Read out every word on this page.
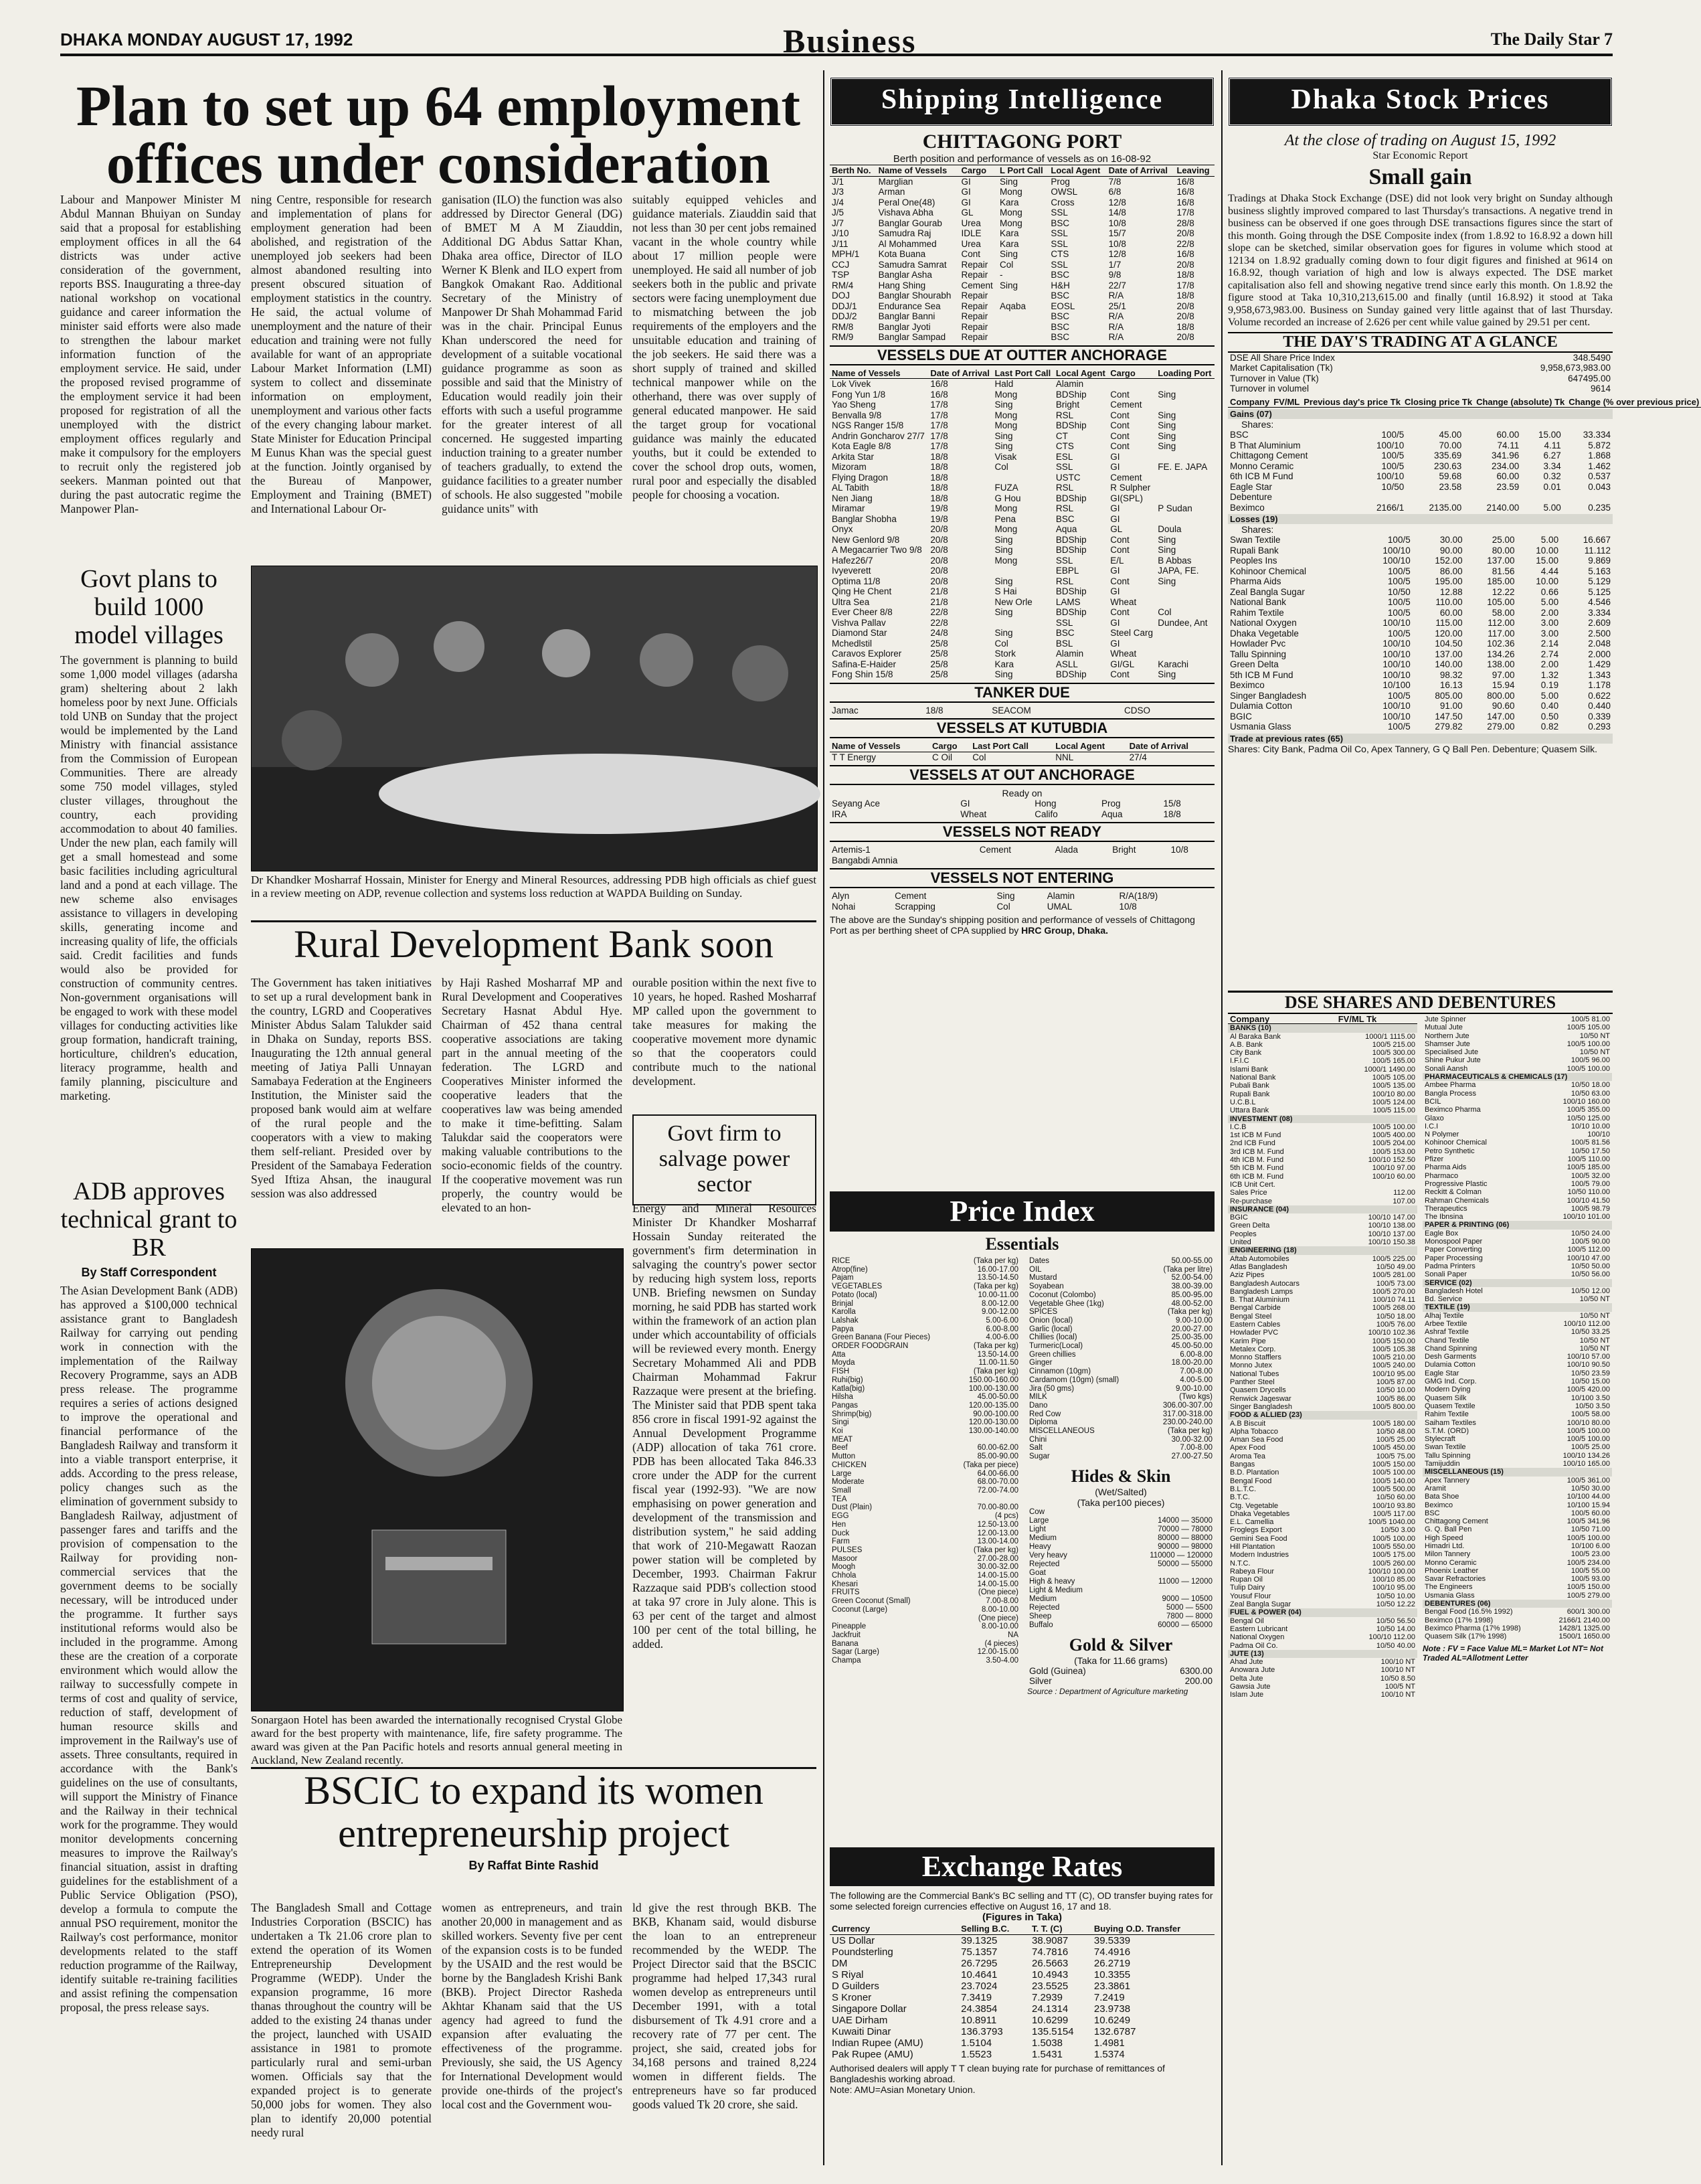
DHAKA MONDAY AUGUST 17, 1992	Business	The Daily Star 7
Plan to set up 64 employment offices under consideration
Labour and Manpower Minister M Abdul Mannan Bhuiyan on Sunday said that a proposal for establishing employment offices in all the 64 districts was under active consideration of the government, reports BSS. Inaugurating a three-day national workshop on vocational guidance and career information the minister said efforts were also made to strengthen the labour market information function of the employment service. He said, under the proposed revised programme of the employment service it had been proposed for registration of all the unemployed with the district employment offices regularly and make it compulsory for the employers to recruit only the registered job seekers. Manman pointed out that during the past autocratic regime the Manpower Plan-
ning Centre, responsible for research and implementation of plans for employment generation had been abolished, and registration of the unemployed job seekers had been almost abandoned resulting into present obscured situation of employment statistics in the country. He said, the actual volume of unemployment and the nature of their education and training were not fully available for want of an appropriate Labour Market Information (LMI) system to collect and disseminate information on employment, unemployment and various other facts of the every changing labour market. State Minister for Education Principal M Eunus Khan was the special guest at the function. Jointly organised by the Bureau of Manpower, Employment and Training (BMET) and International Labour Or-
ganisation (ILO) the function was also addressed by Director General (DG) of BMET M A M Ziauddin, Additional DG Abdus Sattar Khan, Dhaka area office, Director of ILO Werner K Blenk and ILO expert from Bangkok Omakant Rao. Additional Secretary of the Ministry of Manpower Dr Shah Mohammad Farid was in the chair. Principal Eunus Khan underscored the need for development of a suitable vocational guidance programme as soon as possible and said that the Ministry of Education would readily join their efforts with such a useful programme for the greater interest of all concerned. He suggested imparting induction training to a greater number of teachers gradually, to extend the guidance facilities to a greater number of schools. He also suggested "mobile guidance units" with
suitably equipped vehicles and guidance materials. Ziauddin said that not less than 30 per cent jobs remained vacant in the whole country while about 17 million people were unemployed. He said all number of job seekers both in the public and private sectors were facing unemployment due to mismatching between the job requirements of the employers and the unsuitable education and training of the job seekers. He said there was a short supply of trained and skilled technical manpower while on the otherhand, there was over supply of general educated manpower. He said the target group for vocational guidance was mainly the educated youths, but it could be extended to cover the school drop outs, women, rural poor and especially the disabled people for choosing a vocation.
Govt plans to build 1000 model villages
The government is planning to build some 1,000 model villages (adarsha gram) sheltering about 2 lakh homeless poor by next June. Officials told UNB on Sunday that the project would be implemented by the Land Ministry with financial assistance from the Commission of European Communities. There are already some 750 model villages, styled cluster villages, throughout the country, each providing accommodation to about 40 families. Under the new plan, each family will get a small homestead and some basic facilities including agricultural land and a pond at each village. The new scheme also envisages assistance to villagers in developing skills, generating income and increasing quality of life, the officials said. Credit facilities and funds would also be provided for construction of community centres. Non-government organisations will be engaged to work with these model villages for conducting activities like group formation, handicraft training, horticulture, children's education, literacy programme, health and family planning, pisciculture and marketing.
ADB approves technical grant to BR
By Staff Correspondent
The Asian Development Bank (ADB) has approved a $100,000 technical assistance grant to Bangladesh Railway for carrying out pending work in connection with the implementation of the Railway Recovery Programme, says an ADB press release. The programme requires a series of actions designed to improve the operational and financial performance of the Bangladesh Railway and transform it into a viable transport enterprise, it adds. According to the press release, policy changes such as the elimination of government subsidy to Bangladesh Railway, adjustment of passenger fares and tariffs and the provision of compensation to the Railway for providing non-commercial services that the government deems to be socially necessary, will be introduced under the programme. It further says institutional reforms would also be included in the programme. Among these are the creation of a corporate environment which would allow the railway to successfully compete in terms of cost and quality of service, reduction of staff, development of human resource skills and improvement in the Railway's use of assets. Three consultants, required in accordance with the Bank's guidelines on the use of consultants, will support the Ministry of Finance and the Railway in their technical work for the programme. They would monitor developments concerning measures to improve the Railway's financial situation, assist in drafting guidelines for the establishment of a Public Service Obligation (PSO), develop a formula to compute the annual PSO requirement, monitor the Railway's cost performance, monitor developments related to the staff reduction programme of the Railway, identify suitable re-training facilities and assist refining the compensation proposal, the press release says.
Dr Khandker Mosharraf Hossain, Minister for Energy and Mineral Resources, addressing PDB high officials as chief guest in a review meeting on ADP, revenue collection and systems loss reduction at WAPDA Building on Sunday.
Rural Development Bank soon
The Government has taken initiatives to set up a rural development bank in the country, LGRD and Cooperatives Minister Abdus Salam Talukder said in Dhaka on Sunday, reports BSS. Inaugurating the 12th annual general meeting of Jatiya Palli Unnayan Samabaya Federation at the Engineers Institution, the Minister said the proposed bank would aim at welfare of the rural people and the cooperators with a view to making them self-reliant. Presided over by President of the Samabaya Federation Syed Iftiza Ahsan, the inaugural session was also addressed
by Haji Rashed Mosharraf MP and Rural Development and Cooperatives Secretary Hasnat Abdul Hye. Chairman of 452 thana central cooperative associations are taking part in the annual meeting of the federation. The LGRD and Cooperatives Minister informed the cooperative leaders that the cooperatives law was being amended to make it time-befitting. Salam Talukdar said the cooperators were making valuable contributions to the socio-economic fields of the country. If the cooperative movement was run properly, the country would be elevated to an hon-
ourable position within the next five to 10 years, he hoped. Rashed Mosharraf MP called upon the government to take measures for making the cooperative movement more dynamic so that the cooperators could contribute much to the national development.
Govt firm to salvage power sector
Energy and Mineral Resources Minister Dr Khandker Mosharraf Hossain Sunday reiterated the government's firm determination in salvaging the country's power sector by reducing high system loss, reports UNB. Briefing newsmen on Sunday morning, he said PDB has started work within the framework of an action plan under which accountability of officials will be reviewed every month. Energy Secretary Mohammed Ali and PDB Chairman Mohammad Fakrur Razzaque were present at the briefing. The Minister said that PDB spent taka 856 crore in fiscal 1991-92 against the Annual Development Programme (ADP) allocation of taka 761 crore. PDB has been allocated Taka 846.33 crore under the ADP for the current fiscal year (1992-93). "We are now emphasising on power generation and development of the transmission and distribution system," he said adding that work of 210-Megawatt Raozan power station will be completed by December, 1993. Chairman Fakrur Razzaque said PDB's collection stood at taka 97 crore in July alone. This is 63 per cent of the target and almost 100 per cent of the total billing, he added.
Sonargaon Hotel has been awarded the internationally recognised Crystal Globe award for the best property with maintenance, life, fire safety programme. The award was given at the Pan Pacific hotels and resorts annual general meeting in Auckland, New Zealand recently.
BSCIC to expand its women entrepreneurship project
By Raffat Binte Rashid
The Bangladesh Small and Cottage Industries Corporation (BSCIC) has undertaken a Tk 21.06 crore plan to extend the operation of its Women Entrepreneurship Development Programme (WEDP). Under the expansion programme, 16 more thanas throughout the country will be added to the existing 24 thanas under the project, launched with USAID assistance in 1981 to promote particularly rural and semi-urban women. Officials say that the expanded project is to generate 50,000 jobs for women. They also plan to identify 20,000 potential needy rural
women as entrepreneurs, and train another 20,000 in management and as skilled workers. Seventy five per cent of the expansion costs is to be funded by the USAID and the rest would be borne by the Bangladesh Krishi Bank (BKB). Project Director Rasheda Akhtar Khanam said that the US agency had agreed to fund the expansion after evaluating the effectiveness of the programme. Previously, she said, the US Agency for International Development would provide one-thirds of the project's local cost and the Government wou-
ld give the rest through BKB. The BKB, Khanam said, would disburse the loan to an entrepreneur recommended by the WEDP. The Project Director said that the BSCIC programme had helped 17,343 rural women develop as entrepreneurs until December 1991, with a total disbursement of Tk 4.91 crore and a recovery rate of 77 per cent. The project, she said, created jobs for 34,168 persons and trained 8,224 women in different fields. The entrepreneurs have so far produced goods valued Tk 20 crore, she said.
Shipping Intelligence
CHITTAGONG PORT
Berth position and performance of vessels as on 16-08-92
Berth No.	Name of Vessels	Cargo	L Port Call	Local Agent	Date of Arrival	Leaving
J/1	Marglian	GI	Sing	Prog	7/8	16/8
J/3	Arman	GI	Mong	OWSL	6/8	16/8
J/4	Peral One(48)	GI	Kara	Cross	12/8	16/8
J/5	Vishava Abha	GL	Mong	SSL	14/8	17/8
J/7	Banglar Gourab	Urea	Mong	BSC	10/8	28/8
J/10	Samudra Raj	IDLE	Kara	SSL	15/7	20/8
J/11	Al Mohammed	Urea	Kara	SSL	10/8	22/8
MPH/1	Kota Buana	Cont	Sing	CTS	12/8	16/8
CCJ	Samudra Samrat	Repair	Col	SSL	1/7	20/8
TSP	Banglar Asha	Repair	-	BSC	9/8	18/8
RM/4	Hang Shing	Cement	Sing	H&H	22/7	17/8
DOJ	Banglar Shourabh	Repair		BSC	R/A	18/8
DDJ/1	Endurance Sea	Repair	Aqaba	EOSL	25/1	20/8
DDJ/2	Banglar Banni	Repair		BSC	R/A	20/8
RM/8	Banglar Jyoti	Repair		BSC	R/A	18/8
RM/9	Banglar Sampad	Repair		BSC	R/A	20/8
VESSELS DUE AT OUTTER ANCHORAGE
Name of Vessels	Date of Arrival	Last Port Call	Local Agent	Cargo	Loading Port
Lok Vivek	16/8	Hald	Alamin		
Fong Yun 1/8	16/8	Mong	BDShip	Cont	Sing
Yao Sheng	17/8	Sing	Bright	Cement	
Benvalla 9/8	17/8	Mong	RSL	Cont	Sing
NGS Ranger 15/8	17/8	Mong	BDShip	Cont	Sing
Andrin Goncharov 27/7	17/8	Sing	CT	Cont	Sing
Kota Eagle 8/8	17/8	Sing	CTS	Cont	Sing
Arkita Star	18/8	Visak	ESL	GI	
Mizoram	18/8	Col	SSL	GI	FE. E. JAPA
Flying Dragon	18/8		USTC	Cement	
AL Tabith	18/8	FUZA	RSL	R Sulpher	
Nen Jiang	18/8	G Hou	BDShip	GI(SPL)	
Miramar	19/8	Mong	RSL	GI	P Sudan
Banglar Shobha	19/8	Pena	BSC	GI	
Onyx	20/8	Mong	Aqua	GL	Doula
New Genlord 9/8	20/8	Sing	BDShip	Cont	Sing
A Megacarrier Two 9/8	20/8	Sing	BDShip	Cont	Sing
Hafez26/7	20/8	Mong	SSL	E/L	B Abbas
Ivyeverett	20/8		EBPL	GI	JAPA, FE.
Optima 11/8	20/8	Sing	RSL	Cont	Sing
Qing He Chent	21/8	S Hai	BDShip	GI	
Ultra Sea	21/8	New Orle	LAMS	Wheat	
Ever Cheer 8/8	22/8	Sing	BDShip	Cont	Col
Vishva Pallav	22/8		SSL	GI	Dundee, Ant
Diamond Star	24/8	Sing	BSC	Steel Carg	
Mchedlstil	25/8	Col	BSL	GI	
Caravos Explorer	25/8	Stork	Alamin	Wheat	
Safina-E-Haider	25/8	Kara	ASLL	GI/GL	Karachi
Fong Shin 15/8	25/8	Sing	BDShip	Cont	Sing
TANKER DUE
Jamac	18/8	SEACOM	CDSO
VESSELS AT KUTUBDIA
Name of Vessels	Cargo	Last Port Call	Local Agent	Date of Arrival
T T Energy	C Oil	Col	NNL	27/4
VESSELS AT OUT ANCHORAGE
Ready on
Seyang Ace	GI	Hong	Prog	15/8
IRA	Wheat	Califo	Aqua	18/8
VESSELS NOT READY
Artemis-1	Cement	Alada	Bright	10/8
Bangabdi Amnia				
VESSELS NOT ENTERING
Alyn	Cement	Sing	Alamin	R/A(18/9)
Nohai	Scrapping	Col	UMAL	10/8
The above are the Sunday's shipping position and performance of vessels of Chittagong Port as per berthing sheet of CPA supplied by HRC Group, Dhaka.
Price Index
Essentials
RICE	(Taka per kg)
Atrop(fine)	16.00-17.00
Pajam	13.50-14.50
VEGETABLES	(Taka per kg)
Potato (local)	10.00-11.00
Brinjal	8.00-12.00
Karolla	9.00-12.00
Lalshak	5.00-6.00
Papya	6.00-8.00
Green Banana (Four Pieces)	4.00-6.00
ORDER FOODGRAIN	(Taka per kg)
Atta	13.50-14.00
Moyda	11.00-11.50
FISH	(Taka per kg)
Ruhi(big)	150.00-160.00
Katla(big)	100.00-130.00
Hilsha	45.00-50.00
Pangas	120.00-135.00
Shrimp(big)	90.00-100.00
Singi	120.00-130.00
Koi	130.00-140.00
MEAT	
Beef	60.00-62.00
Mutton	85.00-90.00
CHICKEN	(Taka per piece)
Large	64.00-66.00
Moderate	68.00-70.00
Small	72.00-74.00
TEA	
Dust (Plain)	70.00-80.00
EGG	(4 pcs)
Hen	12.50-13.00
Duck	12.00-13.00
Farm	13.00-14.00
PULSES	(Taka per kg)
Masoor	27.00-28.00
Moogh	30.00-32.00
Chhola	14.00-15.00
Khesari	14.00-15.00
FRUITS	(One piece)
Green Coconut (Small)	7.00-8.00
Coconut (Large)	8.00-10.00
	(One piece)
Pineapple	8.00-10.00
Jackfruit	NA
Banana	(4 pieces)
Sagar (Large)	12.00-15.00
Champa	3.50-4.00
Dates	50.00-55.00
OIL	(Taka per litre)
Mustard	52.00-54.00
Soyabean	38.00-39.00
Coconut (Colombo)	85.00-95.00
Vegetable Ghee (1kg)	48.00-52.00
SPICES	(Taka per kg)
Onion (local)	9.00-10.00
Garlic (local)	20.00-27.00
Chillies (local)	25.00-35.00
Turmeric(Local)	45.00-50.00
Green chillies	6.00-8.00
Ginger	18.00-20.00
Cinnamon (10gm)	7.00-8.00
Cardamom (10gm) (small)	4.00-5.00
Jira (50 gms)	9.00-10.00
MILK	(Two kgs)
Dano	306.00-307.00
Red Cow	317.00-318.00
Diploma	230.00-240.00
MISCELLANEOUS	(Taka per kg)
Chini	30.00-32.00
Salt	7.00-8.00
Sugar	27.00-27.50
Hides & Skin
(Wet/Salted)
(Taka per100 pieces)
Cow	
Large	14000 — 35000
Light	70000 — 78000
Medium	80000 — 88000
Heavy	90000 — 98000
Very heavy	110000 — 120000
Rejected	50000 — 55000
Goat	
High & heavy	11000 — 12000
Light & Medium	
Medium	9000 — 10500
Rejected	5000 — 5500
Sheep	7800 — 8000
Buffalo	60000 — 65000
Gold & Silver
(Taka for 11.66 grams)
Gold (Guinea)	6300.00
Silver	200.00
Source : Department of Agriculture marketing
Exchange Rates
The following are the Commercial Bank's BC selling and TT (C), OD transfer buying rates for some selected foreign currencies effective on August 16, 17 and 18.
(Figures in Taka)
Currency	Selling B.C.	T. T. (C)	Buying O.D. Transfer
US Dollar	39.1325	38.9087	39.5339
Poundsterling	75.1357	74.7816	74.4916
DM	26.7295	26.5663	26.2719
S Riyal	10.4641	10.4943	10.3355
D Guilders	23.7024	23.5525	23.3861
S Kroner	7.3419	7.2939	7.2419
Singapore Dollar	24.3854	24.1314	23.9738
UAE Dirham	10.8911	10.6299	10.6249
Kuwaiti Dinar	136.3793	135.5154	132.6787
Indian Rupee (AMU)	1.5104	1.5038	1.4981
Pak Rupee (AMU)	1.5523	1.5431	1.5374
Authorised dealers will apply T T clean buying rate for purchase of remittances of Bangladeshis working abroad.
Note: AMU=Asian Monetary Union.
Dhaka Stock Prices
At the close of trading on August 15, 1992
Star Economic Report
Small gain
Tradings at Dhaka Stock Exchange (DSE) did not look very bright on Sunday although business slightly improved compared to last Thursday's transactions. A negative trend in business can be observed if one goes through DSE transactions figures since the start of this month. Going through the DSE Composite index (from 1.8.92 to 16.8.92 a down hill slope can be sketched, similar observation goes for figures in volume which stood at 12134 on 1.8.92 gradually coming down to four digit figures and finished at 9614 on 16.8.92, though variation of high and low is always expected. The DSE market capitalisation also fell and showing negative trend since early this month. On 1.8.92 the figure stood at Taka 10,310,213,615.00 and finally (until 16.8.92) it stood at Taka 9,958,673,983.00. Business on Sunday gained very little against that of last Thursday. Volume recorded an increase of 2.626 per cent while value gained by 29.51 per cent.
THE DAY'S TRADING AT A GLANCE
DSE All Share Price Index	348.5490
Market Capitalisation (Tk)	9,958,673,983.00
Turnover in Value (Tk)	647495.00
Turnover in volumel	9614
Company	FV/ML	Previous day's price Tk	Closing price Tk	Change (absolute) Tk	Change (% over previous price)
Gains (07)
Shares:
BSC	100/5	45.00	60.00	15.00	33.334
B That Aluminium	100/10	70.00	74.11	4.11	5.872
Chittagong Cement	100/5	335.69	341.96	6.27	1.868
Monno Ceramic	100/5	230.63	234.00	3.34	1.462
6th ICB M Fund	100/10	59.68	60.00	0.32	0.537
Eagle Star	10/50	23.58	23.59	0.01	0.043
Debenture					
Beximco	2166/1	2135.00	2140.00	5.00	0.235
Losses (19)
Shares:
Swan Textile	100/5	30.00	25.00	5.00	16.667
Rupali Bank	100/10	90.00	80.00	10.00	11.112
Peoples Ins	100/10	152.00	137.00	15.00	9.869
Kohinoor Chemical	100/5	86.00	81.56	4.44	5.163
Pharma Aids	100/5	195.00	185.00	10.00	5.129
Zeal Bangla Sugar	10/50	12.88	12.22	0.66	5.125
National Bank	100/5	110.00	105.00	5.00	4.546
Rahim Textile	100/5	60.00	58.00	2.00	3.334
National Oxygen	100/10	115.00	112.00	3.00	2.609
Dhaka Vegetable	100/5	120.00	117.00	3.00	2.500
Howlader Pvc	100/10	104.50	102.36	2.14	2.048
Tallu Spinning	100/10	137.00	134.26	2.74	2.000
Green Delta	100/10	140.00	138.00	2.00	1.429
5th ICB M Fund	100/10	98.32	97.00	1.32	1.343
Beximco	10/100	16.13	15.94	0.19	1.178
Singer Bangladesh	100/5	805.00	800.00	5.00	0.622
Dulamia Cotton	100/10	91.00	90.60	0.40	0.440
BGIC	100/10	147.50	147.00	0.50	0.339
Usmania Glass	100/5	279.82	279.00	0.82	0.293
Trade at previous rates (65)
Shares: City Bank, Padma Oil Co, Apex Tannery, G Q Ball Pen. Debenture; Quasem Silk.
DSE SHARES AND DEBENTURES
Company	FV/ML Tk
BANKS (10)	
Al Baraka Bank	1000/1 1115.00
A.B. Bank	100/5 215.00
City Bank	100/5 300.00
I.F.I.C	100/5 165.00
Islami Bank	1000/1 1490.00
National Bank	100/5 105.00
Pubali Bank	100/5 135.00
Rupali Bank	100/10 80.00
U.C.B.L	100/5 124.00
Uttara Bank	100/5 115.00
INVESTMENT (08)	
I.C.B	100/5 100.00
1st ICB M Fund	100/5 400.00
2nd ICB Fund	100/5 204.00
3rd ICB M. Fund	100/5 153.00
4th ICB M. Fund	100/10 152.50
5th ICB M. Fund	100/10 97.00
6th ICB M. Fund	100/10 60.00
ICB Unit Cert.	
Sales Price	112.00
Re-purchase	107.00
INSURANCE (04)	
BGIC	100/10 147.00
Green Delta	100/10 138.00
Peoples	100/10 137.00
United	100/10 150.38
ENGINEERING (18)	
Aftab Automobiles	100/5 225.00
Atlas Bangladesh	10/50 49.00
Aziz Pipes	100/5 281.00
Bangladesh Autocars	100/5 73.00
Bangladesh Lamps	100/5 270.00
B. That Aluminium	100/10 74.11
Bengal Carbide	100/5 268.00
Bengal Steel	10/50 18.00
Eastern Cables	100/5 76.00
Howlader PVC	100/10 102.36
Karim Pipe	100/5 150.00
Metalex Corp.	100/5 105.38
Monno Stafflers	100/5 210.00
Monno Jutex	100/5 240.00
National Tubes	100/10 95.00
Panther Steel	100/5 87.00
Quasem Drycells	10/50 10.00
Renwick Jageswar	100/5 86.00
Singer Bangladesh	100/5 800.00
FOOD & ALLIED (23)	
A.B Biscuit	100/5 180.00
Alpha Tobacco	10/50 48.00
Aman Sea Food	100/5 25.00
Apex Food	100/5 450.00
Aroma Tea	100/5 75.00
Bangas	100/5 150.00
B.D. Plantation	100/5 100.00
Bengal Food	100/5 140.00
B.L.T.C.	100/5 500.00
B.T.C.	10/50 60.00
Ctg. Vegetable	100/10 93.80
Dhaka Vegetables	100/5 117.00
E.L. Camellia	100/5 1040.00
Froglegs Export	10/50 3.00
Gemini Sea Food	100/5 100.00
Hill Plantation	100/5 550.00
Modern Industries	100/5 175.00
N.T.C.	100/5 260.00
Rabeya Flour	100/10 100.00
Rupan Oil	100/10 85.00
Tulip Dairy	100/10 95.00
Yousuf Flour	10/50 10.00
Zeal Bangla Sugar	10/50 12.22
FUEL & POWER (04)	
Bengal Oil	10/50 56.50
Eastern Lubricant	10/50 14.00
National Oxygen	100/10 112.00
Padma Oil Co.	10/50 40.00
JUTE (13)	
Ahad Jute	100/10 NT
Anowara Jute	100/10 NT
Delta Jute	10/50 8.50
Gawsia Jute	100/5 NT
Islam Jute	100/10 NT
Jute Spinner	100/5 81.00
Mutual Jute	100/5 105.00
Northern Jute	10/50 NT
Shamser Jute	100/5 100.00
Specialised Jute	10/50 NT
Shine Pukur Jute	100/5 96.00
Sonali Aansh	100/5 100.00
PHARMACEUTICALS & CHEMICALS (17)	
Ambee Pharma	10/50 18.00
Bangla Process	10/50 63.00
BCIL	100/10 160.00
Beximco Pharma	100/5 355.00
Glaxo	10/50 125.00
I.C.I	10/10 10.00
N Polymer	100/10
Kohinoor Chemical	100/5 81.56
Petro Synthetic	10/50 17.50
Pfizer	100/5 110.00
Pharma Aids	100/5 185.00
Pharmaco	100/5 32.00
Progressive Plastic	100/5 79.00
Reckitt & Colman	10/50 110.00
Rahman Chemicals	100/10 41.50
Therapeutics	100/5 98.79
The Ibnsina	100/10 101.00
PAPER & PRINTING (06)	
Eagle Box	10/50 24.00
Monospool Paper	100/5 90.00
Paper Converting	100/5 112.00
Paper Processing	100/10 47.00
Padma Printers	10/50 50.00
Sonali Paper	10/50 56.00
SERVICE (02)	
Bangladesh Hotel	10/50 12.00
Bd. Service	10/50 NT
TEXTILE (19)	
Alhaj Textile	10/50 NT
Arbee Textile	100/10 112.00
Ashraf Textile	10/50 33.25
Chand Textile	10/50 NT
Chand Spinning	10/50 NT
Desh Garments	100/10 57.00
Dulamia Cotton	100/10 90.50
Eagle Star	10/50 23.59
GMG Ind. Corp.	10/50 15.00
Modern Dying	100/5 420.00
Quasem Silk	10/100 3.50
Quasem Textile	10/50 3.50
Rahim Textile	100/5 58.00
Saiham Textiles	100/10 80.00
S.T.M. (ORD)	100/5 100.00
Stylecraft	100/5 100.00
Swan Textile	100/5 25.00
Tallu Spinning	100/10 134.26
Tamijuddin	100/10 165.00
MISCELLANEOUS (15)	
Apex Tannery	100/5 361.00
Aramit	10/50 30.00
Bata Shoe	10/100 44.00
Beximco	10/100 15.94
BSC	100/5 60.00
Chittagong Cement	100/5 341.96
G. Q. Ball Pen	10/50 71.00
High Speed	100/5 100.00
Himadri Ltd.	10/100 6.00
Milon Tannery	100/5 23.00
Monno Ceramic	100/5 234.00
Phoenix Leather	100/5 55.00
Savar Refractories	100/5 93.00
The Engineers	100/5 150.00
Usmania Glass	100/5 279.00
DEBENTURES (06)	
Bengal Food (16.5% 1992)	600/1 300.00
Beximco (17% 1998)	2166/1 2140.00
Beximco Pharma (17% 1998)	1428/1 1325.00
Quasem Silk (17% 1998)	1500/1 1650.00
Note : FV = Face Value ML= Market Lot NT= Not Traded AL=Allotment Letter
